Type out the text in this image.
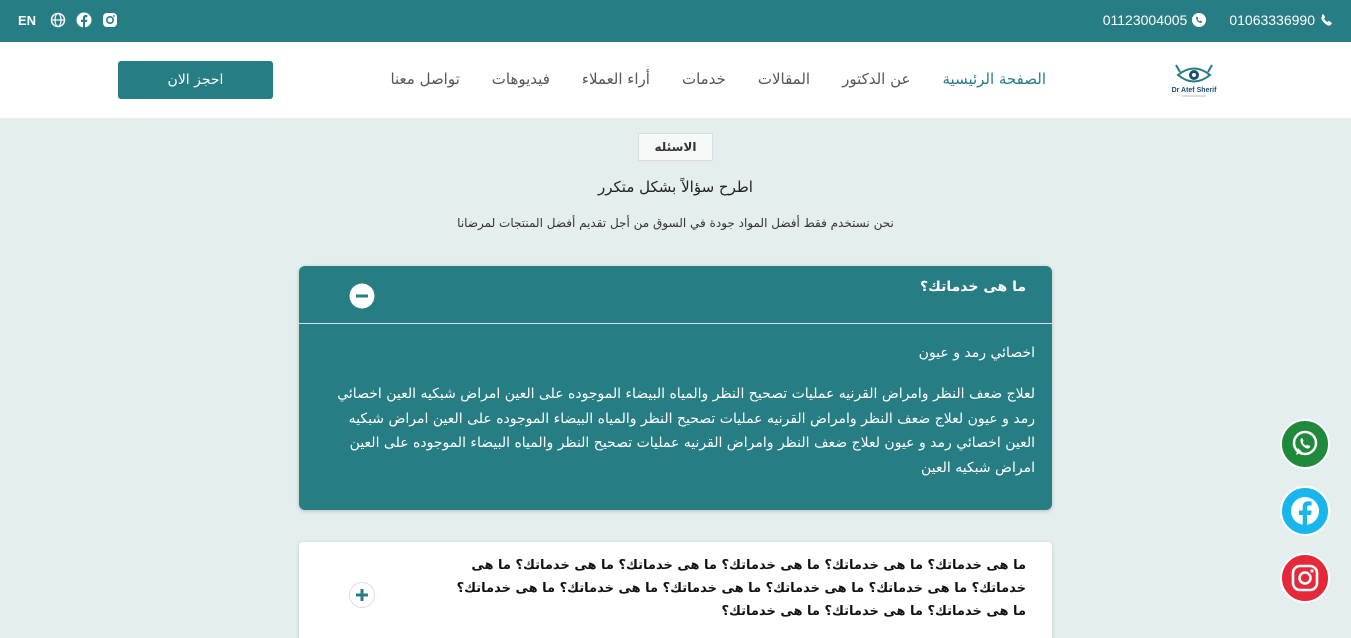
EN	01123004005	01063336990
احجز الان	الصفحة الرئيسية
عن الدكتور
المقالات
خدمات
أراء العملاء
فيديوهات
تواصل معنا
Dr Atef Sherif
الاسئله
اطرح سؤالاً بشكل متكرر
نحن نستخدم فقط أفضل المواد جودة في السوق من أجل تقديم أفضل المنتجات لمرضانا
ما هى خدماتك؟
اخصائي رمد و عيون
لعلاج ضعف النظر وامراض القرنيه عمليات تصحيح النظر والمياه البيضاء الموجوده على العين امراض شبكيه العين اخصائي رمد و عيون لعلاج ضعف النظر وامراض القرنيه عمليات تصحيح النظر والمياه البيضاء الموجوده على العين امراض شبكيه العين اخصائي رمد و عيون لعلاج ضعف النظر وامراض القرنيه عمليات تصحيح النظر والمياه البيضاء الموجوده على العين امراض شبكيه العين
ما هى خدماتك؟ ما هى خدماتك؟ ما هى خدماتك؟ ما هى خدماتك؟ ما هى خدماتك؟ ما هى خدماتك؟ ما هى خدماتك؟ ما هى خدماتك؟ ما هى خدماتك؟ ما هى خدماتك؟ ما هى خدماتك؟ ما هى خدماتك؟ ما هى خدماتك؟ ما هى خدماتك؟
